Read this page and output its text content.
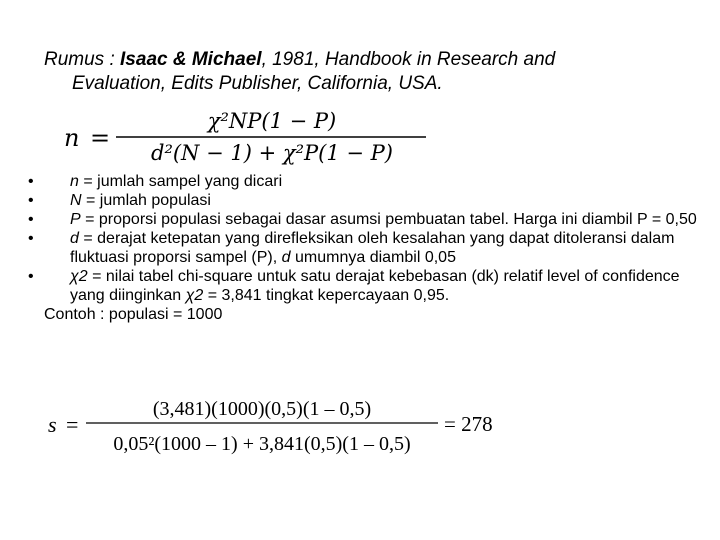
Rumus : Isaac & Michael, 1981, Handbook in Research and
Evaluation, Edits Publisher, California, USA.
n =
χ²NP(1 − P)
d²(N − 1) + χ²P(1 − P)
• n = jumlah sampel yang dicari
• N = jumlah populasi
• P = proporsi populasi sebagai dasar asumsi pembuatan tabel. Harga ini diambil P = 0,50
• d = derajat ketepatan yang direfleksikan oleh kesalahan yang dapat ditoleransi dalam fluktuasi proporsi sampel (P), d umumnya diambil 0,05
• χ2 = nilai tabel chi-square untuk satu derajat kebebasan (dk) relatif level of confidence yang diinginkan χ2 = 3,841 tingkat kepercayaan 0,95.
Contoh : populasi = 1000
s =
(3,481)(1000)(0,5)(1 – 0,5)
0,05²(1000 – 1) + 3,841(0,5)(1 – 0,5)
= 278
